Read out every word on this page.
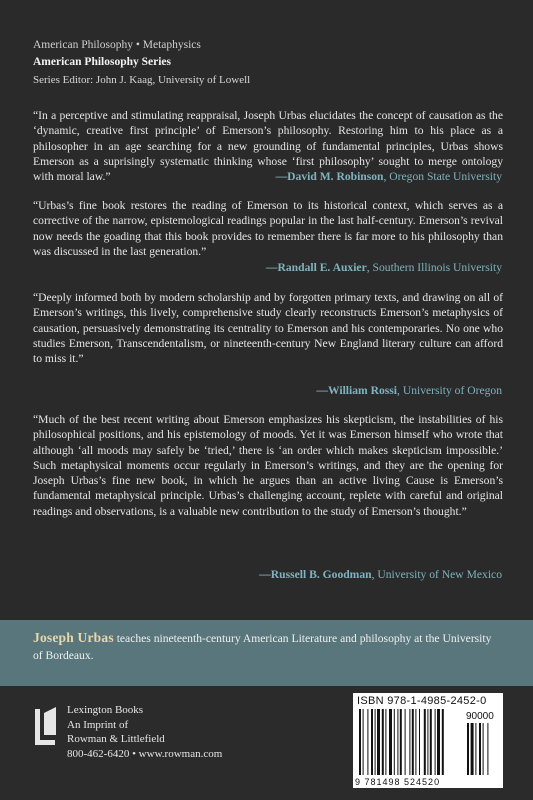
American Philosophy • Metaphysics
American Philosophy Series
Series Editor: John J. Kaag, University of Lowell
“In a perceptive and stimulating reappraisal, Joseph Urbas elucidates the concept of causation as the ‘dynamic, creative first principle’ of Emerson’s philosophy. Restoring him to his place as a philosopher in an age searching for a new grounding of fundamental principles, Urbas shows Emerson as a suprisingly systematic thinking whose ‘first philosophy’ sought to merge ontology with moral law.”	—David M. Robinson, Oregon State University
“Urbas’s fine book restores the reading of Emerson to its historical context, which serves as a corrective of the narrow, epistemological readings popular in the last half-century. Emerson’s revival now needs the goading that this book provides to remember there is far more to his philosophy than was discussed in the last generation.”
—Randall E. Auxier, Southern Illinois University
“Deeply informed both by modern scholarship and by forgotten primary texts, and drawing on all of Emerson’s writings, this lively, comprehensive study clearly reconstructs Emerson’s metaphysics of causation, persuasively demonstrating its centrality to Emerson and his contemporaries. No one who studies Emerson, Transcendentalism, or nineteenth-century New England literary culture can afford to miss it.”
—William Rossi, University of Oregon
“Much of the best recent writing about Emerson emphasizes his skepticism, the instabilities of his philosophical positions, and his epistemology of moods. Yet it was Emerson himself who wrote that although ‘all moods may safely be ‘tried,’ there is ‘an order which makes skepticism impossible.’ Such metaphysical moments occur regularly in Emerson’s writings, and they are the opening for Joseph Urbas’s fine new book, in which he argues than an active living Cause is Emerson’s fundamental metaphysical principle. Urbas’s challenging account, replete with careful and original readings and observations, is a valuable new contribution to the study of Emerson’s thought.”
—Russell B. Goodman, University of New Mexico

Joseph Urbas teaches nineteenth-century American Literature and philosophy at the University of Bordeaux.

Lexington Books
An Imprint of
Rowman & Littlefield
800-462-6420 • www.rowman.com
ISBN 978-1-4985-2452-0
90000
9 781498 524520
